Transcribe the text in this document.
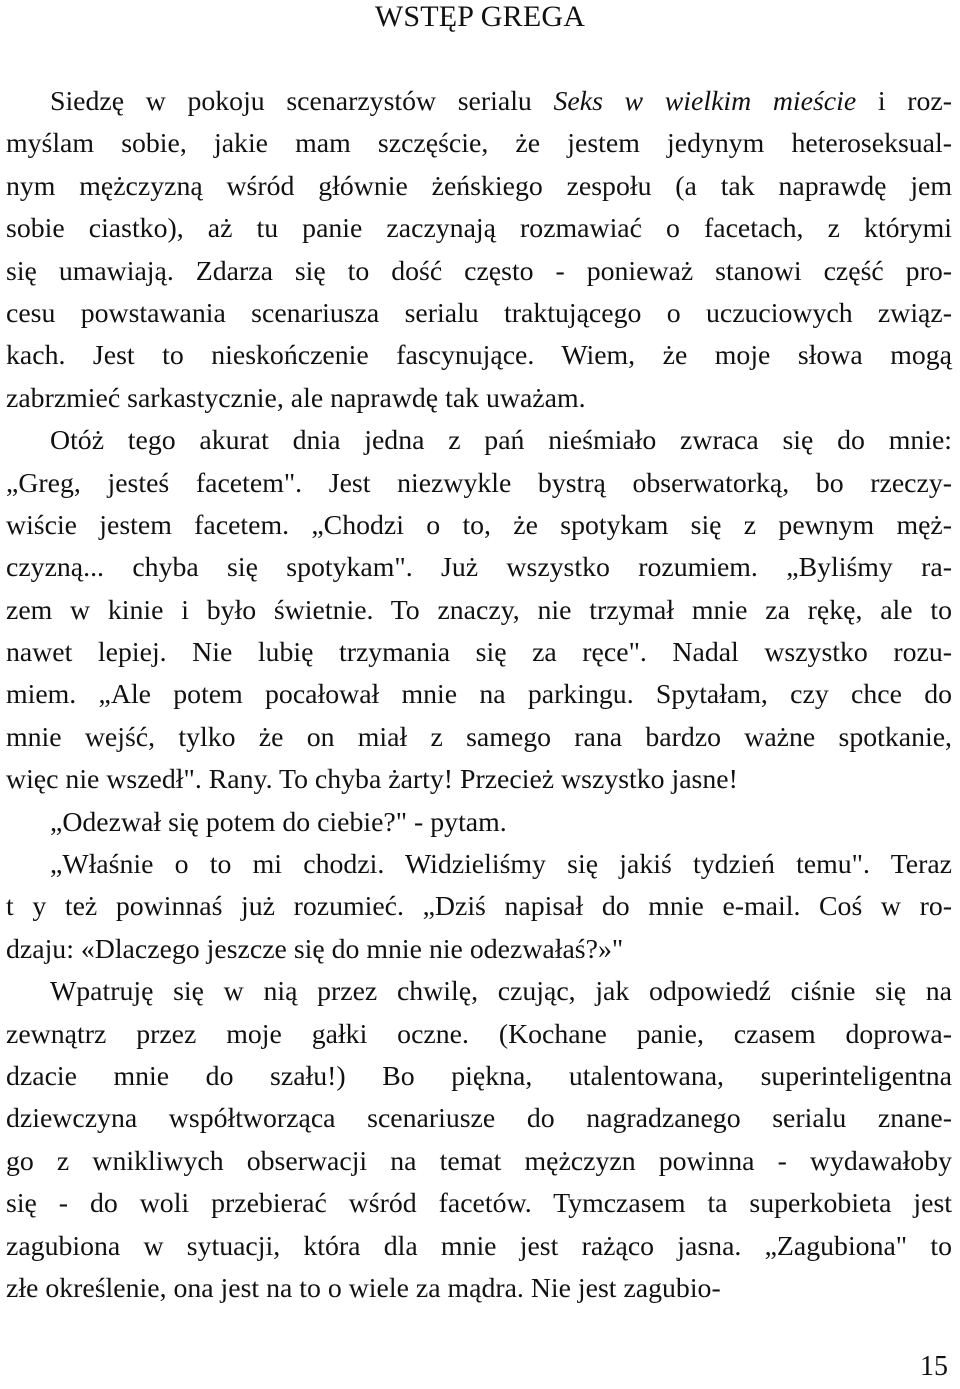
WSTĘP GREGA
Siedzę w pokoju scenarzystów serialu Seks w wielkim mieście i roz-
myślam sobie, jakie mam szczęście, że jestem jedynym heteroseksual-
nym mężczyzną wśród głównie żeńskiego zespołu (a tak naprawdę jem
sobie ciastko), aż tu panie zaczynają rozmawiać o facetach, z którymi
się umawiają. Zdarza się to dość często - ponieważ stanowi część pro-
cesu powstawania scenariusza serialu traktującego o uczuciowych związ-
kach. Jest to nieskończenie fascynujące. Wiem, że moje słowa mogą
zabrzmieć sarkastycznie, ale naprawdę tak uważam.
Otóż tego akurat dnia jedna z pań nieśmiało zwraca się do mnie:
„Greg, jesteś facetem". Jest niezwykle bystrą obserwatorką, bo rzeczy-
wiście jestem facetem. „Chodzi o to, że spotykam się z pewnym męż-
czyzną... chyba się spotykam". Już wszystko rozumiem. „Byliśmy ra-
zem w kinie i było świetnie. To znaczy, nie trzymał mnie za rękę, ale to
nawet lepiej. Nie lubię trzymania się za ręce". Nadal wszystko rozu-
miem. „Ale potem pocałował mnie na parkingu. Spytałam, czy chce do
mnie wejść, tylko że on miał z samego rana bardzo ważne spotkanie,
więc nie wszedł". Rany. To chyba żarty! Przecież wszystko jasne!
„Odezwał się potem do ciebie?" - pytam.
„Właśnie o to mi chodzi. Widzieliśmy się jakiś tydzień temu". Teraz
t y też powinnaś już rozumieć. „Dziś napisał do mnie e-mail. Coś w ro-
dzaju: «Dlaczego jeszcze się do mnie nie odezwałaś?»"
Wpatruję się w nią przez chwilę, czując, jak odpowiedź ciśnie się na
zewnątrz przez moje gałki oczne. (Kochane panie, czasem doprowa-
dzacie mnie do szału!) Bo piękna, utalentowana, superinteligentna
dziewczyna współtworząca scenariusze do nagradzanego serialu znane-
go z wnikliwych obserwacji na temat mężczyzn powinna - wydawałoby
się - do woli przebierać wśród facetów. Tymczasem ta superkobieta jest
zagubiona w sytuacji, która dla mnie jest rażąco jasna. „Zagubiona" to
złe określenie, ona jest na to o wiele za mądra. Nie jest zagubio-
15
